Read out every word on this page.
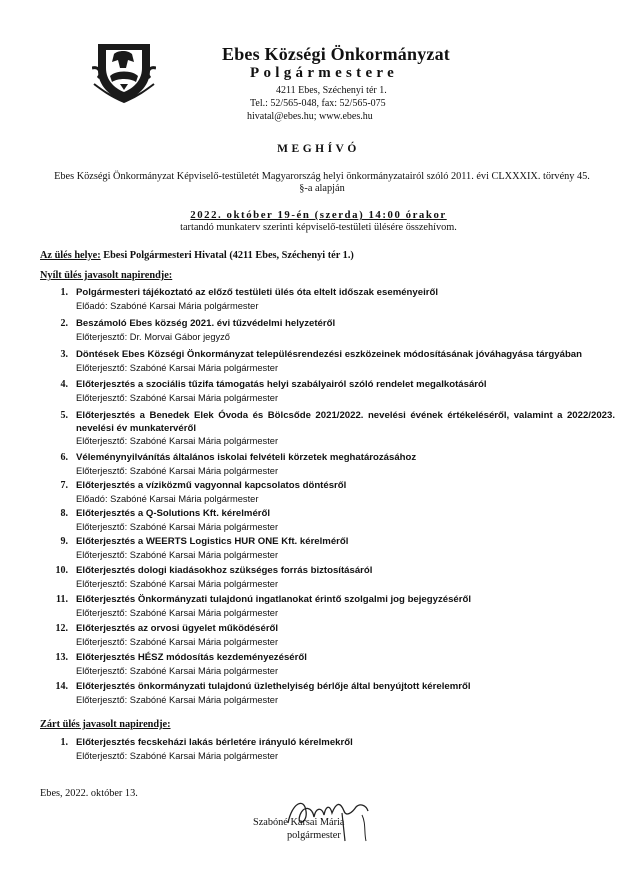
Ebes Községi Önkormányzat
Polgármestere
4211 Ebes, Széchenyi tér 1.
Tel.: 52/565-048, fax: 52/565-075
hivatal@ebes.hu; www.ebes.hu
MEGHÍVÓ
Ebes Községi Önkormányzat Képviselő-testületét Magyarország helyi önkormányzatairól szóló 2011. évi CLXXXIX. törvény 45. §-a alapján
2022. október 19-én (szerda) 14:00 órakor
tartandó munkaterv szerinti képviselő-testületi ülésére összehívom.
Az ülés helye: Ebesi Polgármesteri Hivatal (4211 Ebes, Széchenyi tér 1.)
Nyílt ülés javasolt napirendje:
1. Polgármesteri tájékoztató az előző testületi ülés óta eltelt időszak eseményeiről
Előadó: Szabóné Karsai Mária polgármester
2. Beszámoló Ebes község 2021. évi tűzvédelmi helyzetéről
Előterjesztő: Dr. Morvai Gábor jegyző
3. Döntések Ebes Községi Önkormányzat településrendezési eszközeinek módosításának jóváhagyása tárgyában
Előterjesztő: Szabóné Karsai Mária polgármester
4. Előterjesztés a szociális tűzifa támogatás helyi szabályairól szóló rendelet megalkotásáról
Előterjesztő: Szabóné Karsai Mária polgármester
5. Előterjesztés a Benedek Elek Óvoda és Bölcsőde 2021/2022. nevelési évének értékeléséről, valamint a 2022/2023. nevelési év munkatervéről
Előterjesztő: Szabóné Karsai Mária polgármester
6. Véleménynyilvánítás általános iskolai felvételi körzetek meghatározásához
Előterjesztő: Szabóné Karsai Mária polgármester
7. Előterjesztés a víziközmű vagyonnal kapcsolatos döntésről
Előadó: Szabóné Karsai Mária polgármester
8. Előterjesztés a Q-Solutions Kft. kérelméről
Előterjesztő: Szabóné Karsai Mária polgármester
9. Előterjesztés a WEERTS Logistics HUR ONE Kft. kérelméről
Előterjesztő: Szabóné Karsai Mária polgármester
10. Előterjesztés dologi kiadásokhoz szükséges forrás biztosításáról
Előterjesztő: Szabóné Karsai Mária polgármester
11. Előterjesztés Önkormányzati tulajdonú ingatlanokat érintő szolgalmi jog bejegyzéséről
Előterjesztő: Szabóné Karsai Mária polgármester
12. Előterjesztés az orvosi ügyelet működéséről
Előterjesztő: Szabóné Karsai Mária polgármester
13. Előterjesztés HÉSZ módosítás kezdeményezéséről
Előterjesztő: Szabóné Karsai Mária polgármester
14. Előterjesztés önkormányzati tulajdonú üzlethelyiség bérlője által benyújtott kérelemről
Előterjesztő: Szabóné Karsai Mária polgármester
Zárt ülés javasolt napirendje:
1. Előterjesztés fecskeházi lakás bérletére irányuló kérelmekről
Előterjesztő: Szabóné Karsai Mária polgármester
Ebes, 2022. október 13.
Szabóné Karsai Mária
polgármester
